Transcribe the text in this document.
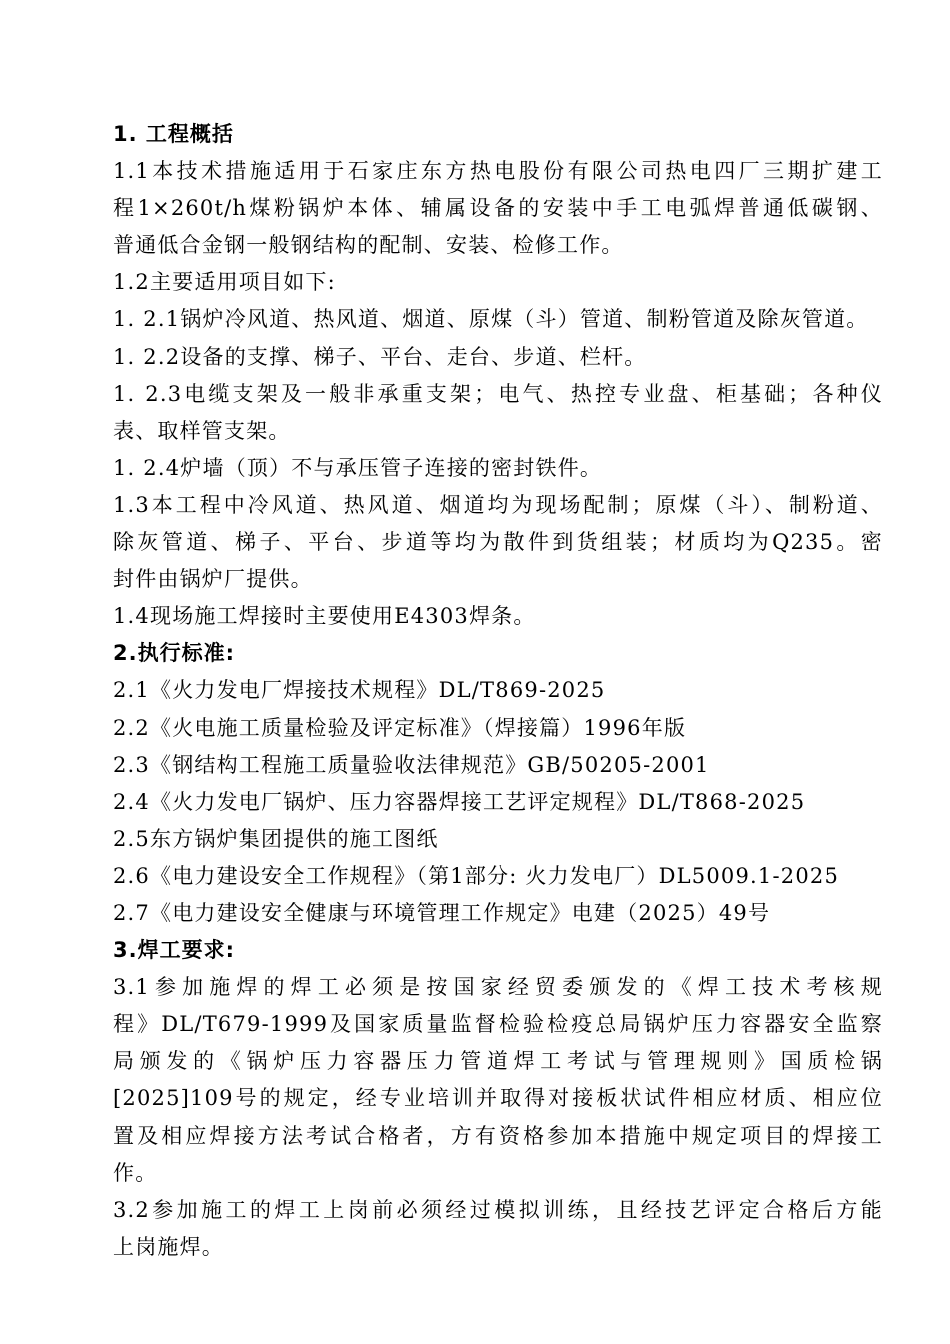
1. 工程概括
1.1本技术措施适用于石家庄东方热电股份有限公司热电四厂三期扩建工
程1×260t/h煤粉锅炉本体、辅属设备的安装中手工电弧焊普通低碳钢、
普通低合金钢一般钢结构的配制、安装、检修工作。
1.2主要适用项目如下:
1. 2.1锅炉冷风道、热风道、烟道、原煤（斗）管道、制粉管道及除灰管道。
1. 2.2设备的支撑、梯子、平台、走台、步道、栏杆。
1. 2.3电缆支架及一般非承重支架；电气、热控专业盘、柜基础；各种仪
表、取样管支架。
1. 2.4炉墙（顶）不与承压管子连接的密封铁件。
1.3本工程中冷风道、热风道、烟道均为现场配制；原煤（斗）、制粉道、
除灰管道、梯子、平台、步道等均为散件到货组装；材质均为Q235。密
封件由锅炉厂提供。
1.4现场施工焊接时主要使用E4303焊条。
2.执行标准:
2.1《火力发电厂焊接技术规程》DL/T869-2025
2.2《火电施工质量检验及评定标准》（焊接篇）1996年版
2.3《钢结构工程施工质量验收法律规范》GB/50205-2001
2.4《火力发电厂锅炉、压力容器焊接工艺评定规程》DL/T868-2025
2.5东方锅炉集团提供的施工图纸
2.6《电力建设安全工作规程》（第1部分: 火力发电厂）DL5009.1-2025
2.7《电力建设安全健康与环境管理工作规定》电建（2025）49号
3.焊工要求:
3.1参加施焊的焊工必须是按国家经贸委颁发的《焊工技术考核规
程》DL/T679-1999及国家质量监督检验检疫总局锅炉压力容器安全监察
局颁发的《锅炉压力容器压力管道焊工考试与管理规则》国质检锅
[2025]109号的规定，经专业培训并取得对接板状试件相应材质、相应位
置及相应焊接方法考试合格者，方有资格参加本措施中规定项目的焊接工
作。
3.2参加施工的焊工上岗前必须经过模拟训练，且经技艺评定合格后方能
上岗施焊。
